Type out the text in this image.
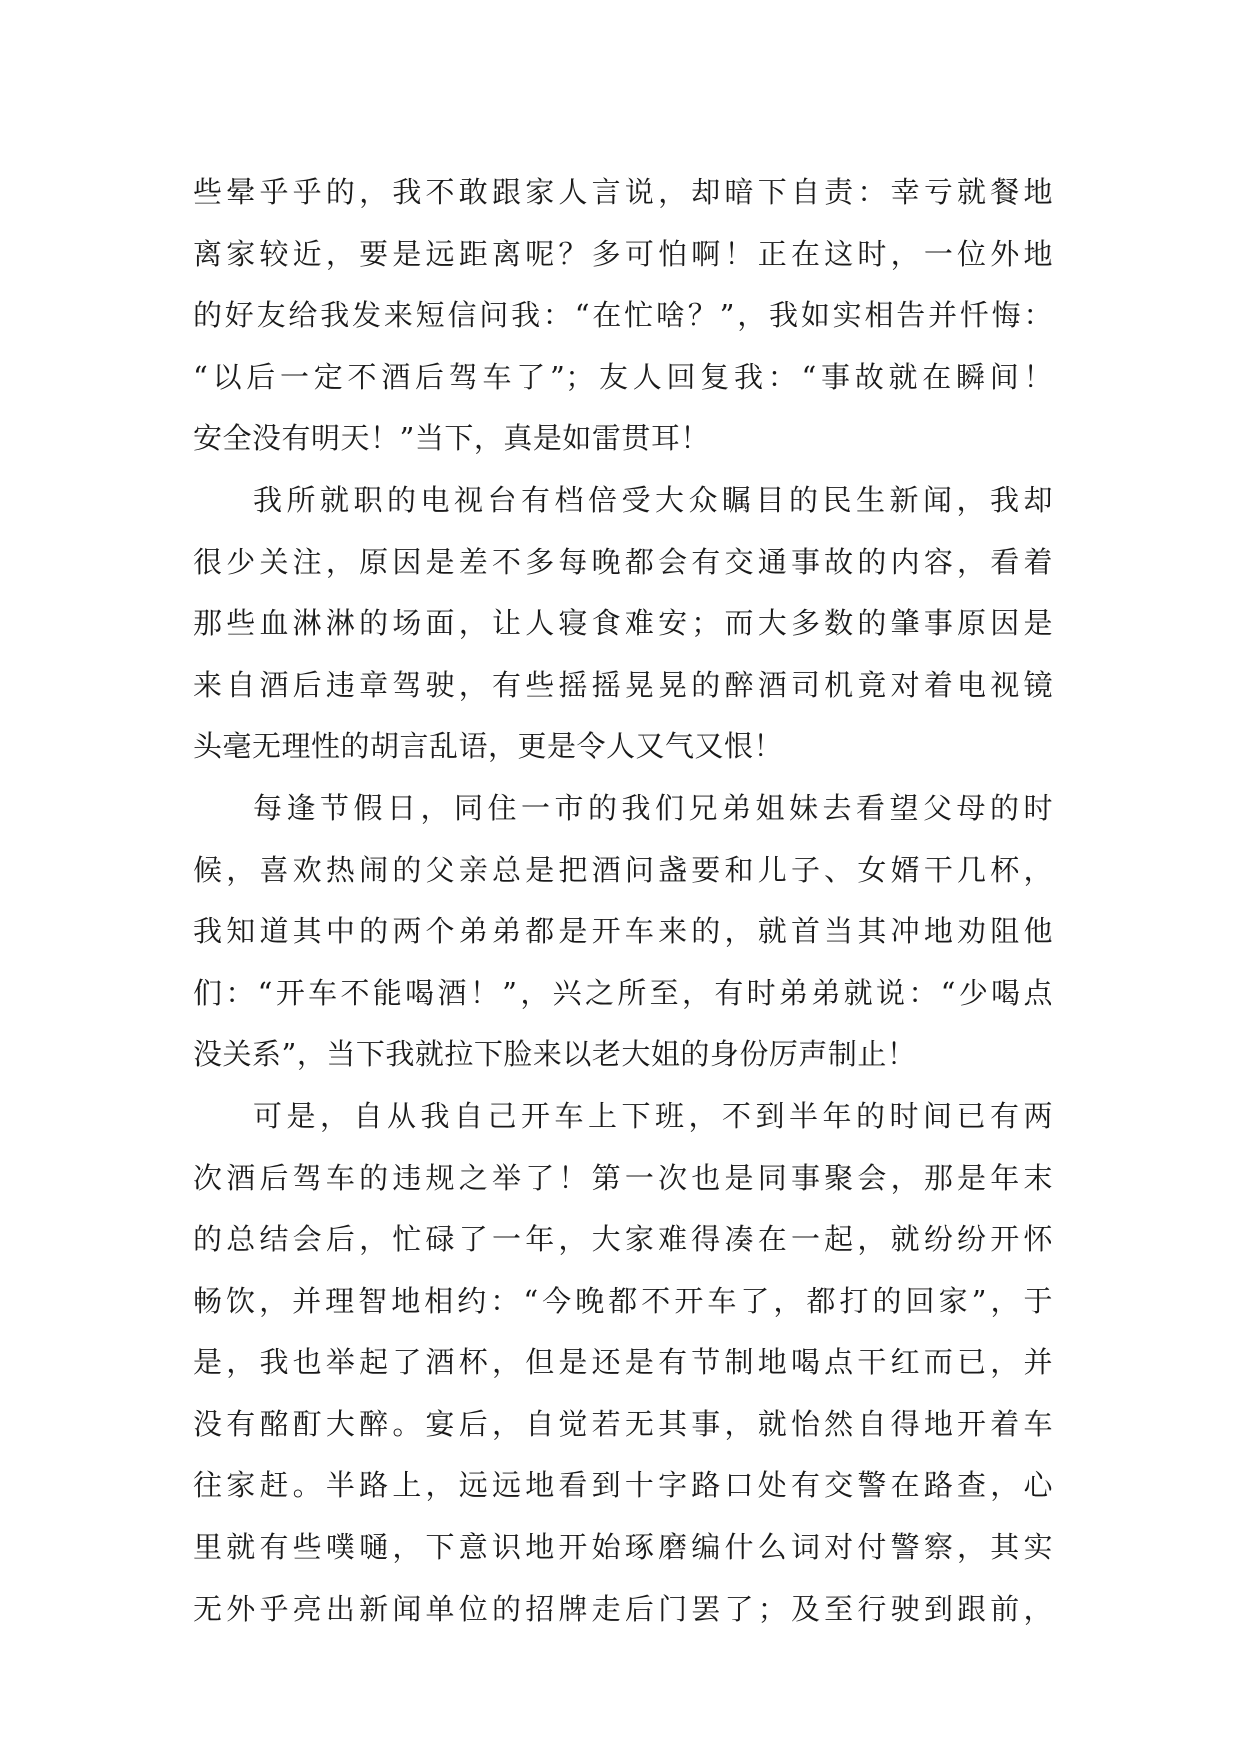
些晕乎乎的，我不敢跟家人言说，却暗下自责：幸亏就餐地
离家较近，要是远距离呢？多可怕啊！正在这时，一位外地
的好友给我发来短信问我：“在忙啥？”，我如实相告并忏悔：
“以后一定不酒后驾车了”；友人回复我：“事故就在瞬间！
安全没有明天！”当下，真是如雷贯耳！
我所就职的电视台有档倍受大众瞩目的民生新闻，我却
很少关注，原因是差不多每晚都会有交通事故的内容，看着
那些血淋淋的场面，让人寝食难安；而大多数的肇事原因是
来自酒后违章驾驶，有些摇摇晃晃的醉酒司机竟对着电视镜
头毫无理性的胡言乱语，更是令人又气又恨！
每逢节假日，同住一市的我们兄弟姐妹去看望父母的时
候，喜欢热闹的父亲总是把酒问盏要和儿子、女婿干几杯，
我知道其中的两个弟弟都是开车来的，就首当其冲地劝阻他
们：“开车不能喝酒！”，兴之所至，有时弟弟就说：“少喝点
没关系”，当下我就拉下脸来以老大姐的身份厉声制止！
可是，自从我自己开车上下班，不到半年的时间已有两
次酒后驾车的违规之举了！第一次也是同事聚会，那是年末
的总结会后，忙碌了一年，大家难得凑在一起，就纷纷开怀
畅饮，并理智地相约：“今晚都不开车了，都打的回家”，于
是，我也举起了酒杯，但是还是有节制地喝点干红而已，并
没有酩酊大醉。宴后，自觉若无其事，就怡然自得地开着车
往家赶。半路上，远远地看到十字路口处有交警在路查，心
里就有些噗嗵，下意识地开始琢磨编什么词对付警察，其实
无外乎亮出新闻单位的招牌走后门罢了；及至行驶到跟前，
